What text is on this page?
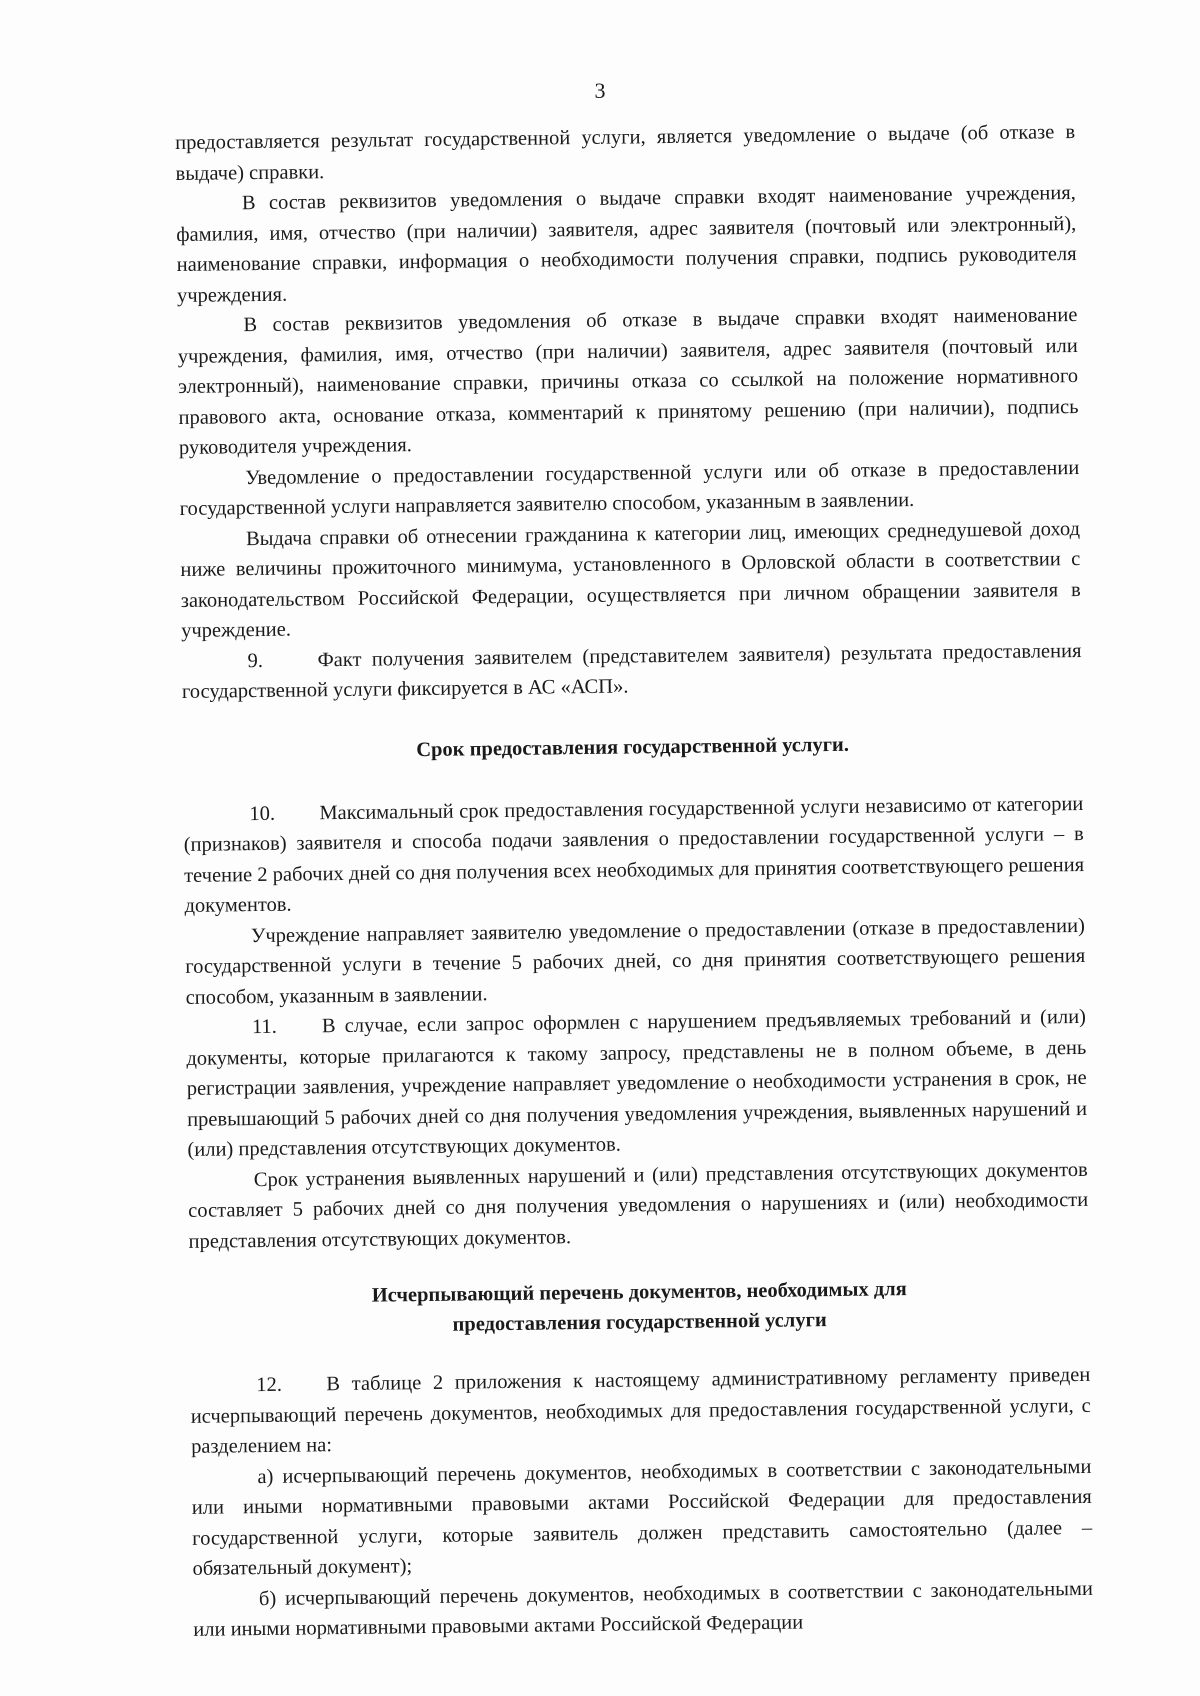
3

предоставляется результат государственной услуги, является уведомление о выдаче (об отказе в выдаче) справки.

В состав реквизитов уведомления о выдаче справки входят наименование учреждения, фамилия, имя, отчество (при наличии) заявителя, адрес заявителя (почтовый или электронный), наименование справки, информация о необходимости получения справки, подпись руководителя учреждения.

В состав реквизитов уведомления об отказе в выдаче справки входят наименование учреждения, фамилия, имя, отчество (при наличии) заявителя, адрес заявителя (почтовый или электронный), наименование справки, причины отказа со ссылкой на положение нормативного правового акта, основание отказа, комментарий к принятому решению (при наличии), подпись руководителя учреждения.

Уведомление о предоставлении государственной услуги или об отказе в предоставлении государственной услуги направляется заявителю способом, указанным в заявлении.

Выдача справки об отнесении гражданина к категории лиц, имеющих среднедушевой доход ниже величины прожиточного минимума, установленного в Орловской области в соответствии с законодательством Российской Федерации, осуществляется при личном обращении заявителя в учреждение.

9.	Факт получения заявителем (представителем заявителя) результата предоставления государственной услуги фиксируется в АС «АСП».

Срок предоставления государственной услуги.

10. Максимальный срок предоставления государственной услуги независимо от категории (признаков) заявителя и способа подачи заявления о предоставлении государственной услуги – в течение 2 рабочих дней со дня получения всех необходимых для принятия соответствующего решения документов.

Учреждение направляет заявителю уведомление о предоставлении (отказе в предоставлении) государственной услуги в течение 5 рабочих дней, со дня принятия соответствующего решения способом, указанным в заявлении.

11. В случае, если запрос оформлен с нарушением предъявляемых требований и (или) документы, которые прилагаются к такому запросу, представлены не в полном объеме, в день регистрации заявления, учреждение направляет уведомление о необходимости устранения в срок, не превышающий 5 рабочих дней со дня получения уведомления учреждения, выявленных нарушений и (или) представления отсутствующих документов.

Срок устранения выявленных нарушений и (или) представления отсутствующих документов составляет 5 рабочих дней со дня получения уведомления о нарушениях и (или) необходимости представления отсутствующих документов.

Исчерпывающий перечень документов, необходимых для
предоставления государственной услуги

12. В таблице 2 приложения к настоящему административному регламенту приведен исчерпывающий перечень документов, необходимых для предоставления государственной услуги, с разделением на:

а) исчерпывающий перечень документов, необходимых в соответствии с законодательными или иными нормативными правовыми актами Российской Федерации для предоставления государственной услуги, которые заявитель должен представить самостоятельно (далее – обязательный документ);

б) исчерпывающий перечень документов, необходимых в соответствии с законодательными или иными нормативными правовыми актами Российской Федерации
